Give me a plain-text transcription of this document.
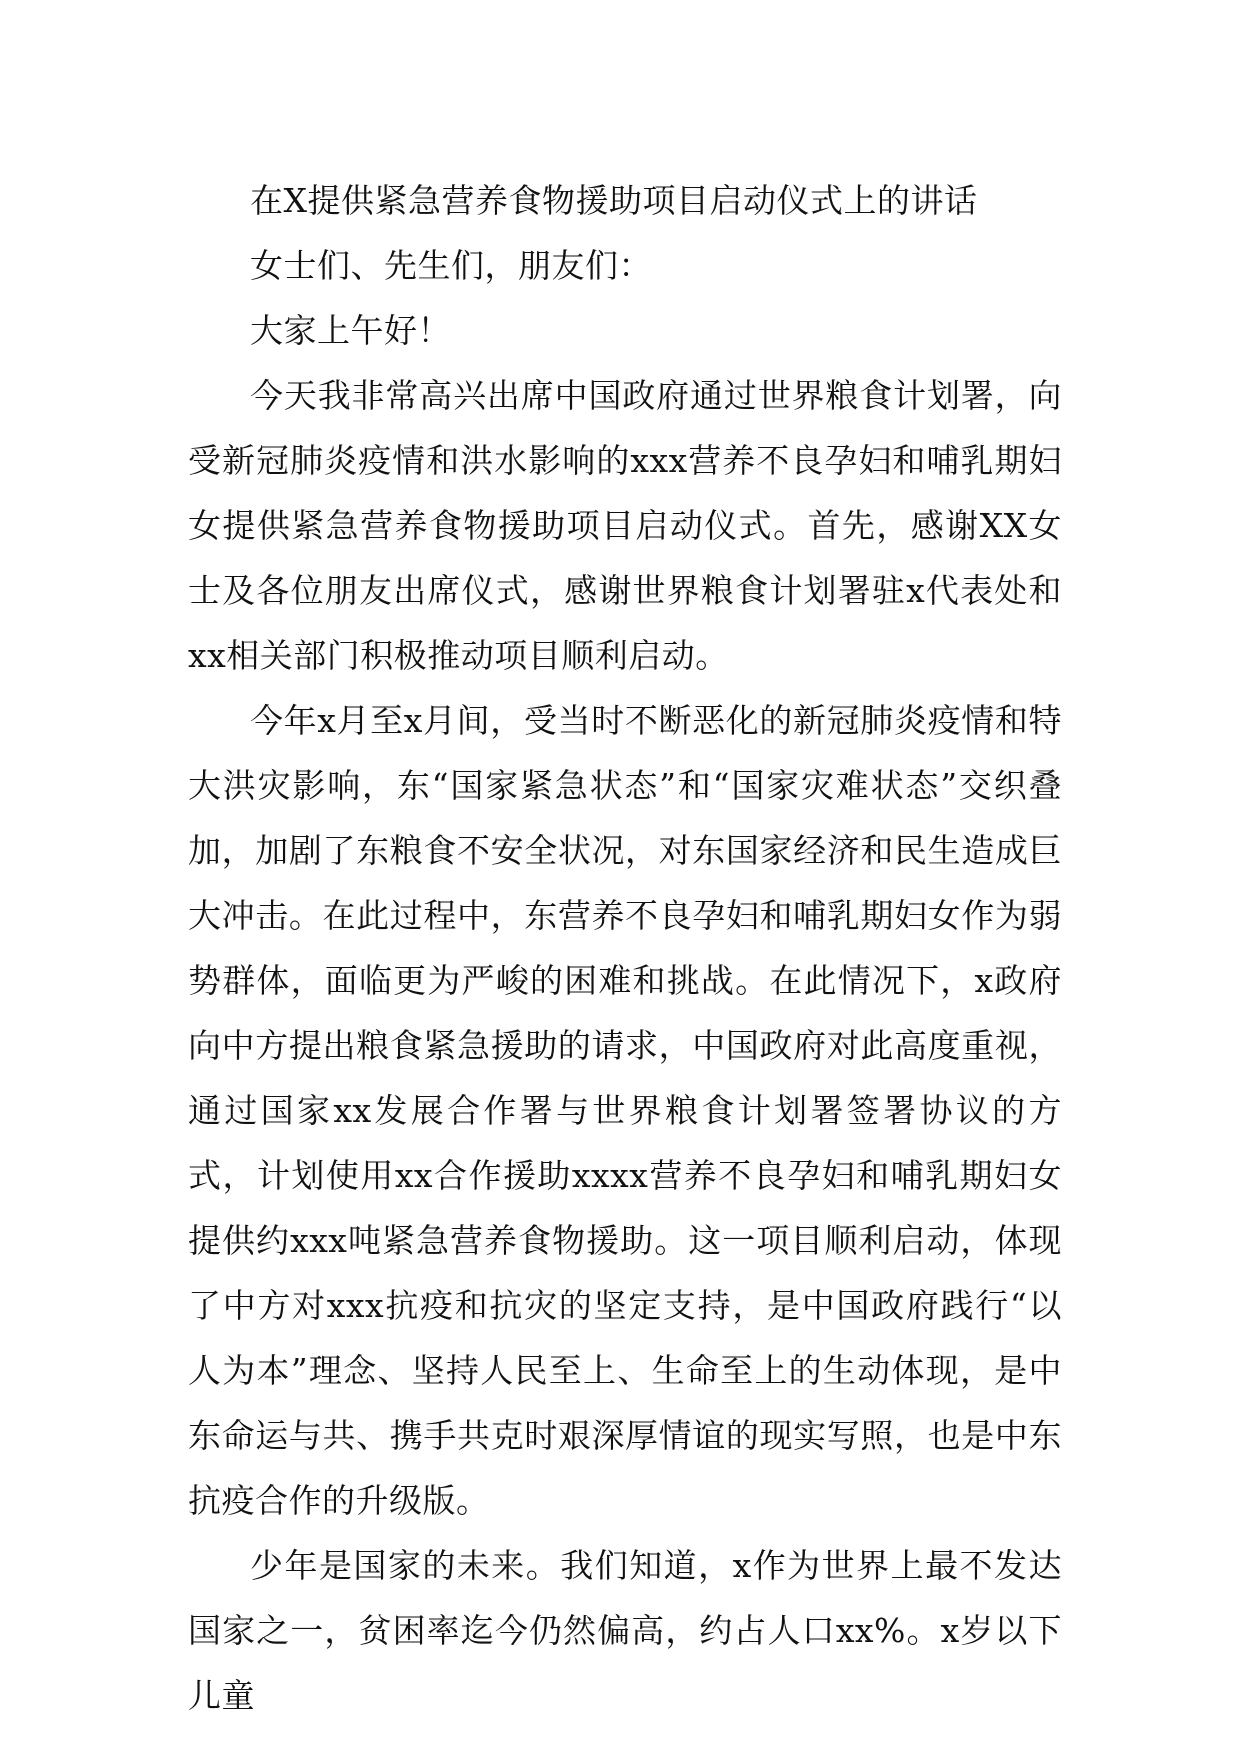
在X提供紧急营养食物援助项目启动仪式上的讲话

女士们、先生们，朋友们：

大家上午好！

今天我非常高兴出席中国政府通过世界粮食计划署，向受新冠肺炎疫情和洪水影响的xxx营养不良孕妇和哺乳期妇女提供紧急营养食物援助项目启动仪式。首先，感谢XX女士及各位朋友出席仪式，感谢世界粮食计划署驻x代表处和xx相关部门积极推动项目顺利启动。

今年x月至x月间，受当时不断恶化的新冠肺炎疫情和特大洪灾影响，东“国家紧急状态”和“国家灾难状态”交织叠加，加剧了东粮食不安全状况，对东国家经济和民生造成巨大冲击。在此过程中，东营养不良孕妇和哺乳期妇女作为弱势群体，面临更为严峻的困难和挑战。在此情况下，x政府向中方提出粮食紧急援助的请求，中国政府对此高度重视，通过国家xx发展合作署与世界粮食计划署签署协议的方式，计划使用xx合作援助xxxx营养不良孕妇和哺乳期妇女提供约xxx吨紧急营养食物援助。这一项目顺利启动，体现了中方对xxx抗疫和抗灾的坚定支持，是中国政府践行“以人为本”理念、坚持人民至上、生命至上的生动体现，是中东命运与共、携手共克时艰深厚情谊的现实写照，也是中东抗疫合作的升级版。

少年是国家的未来。我们知道，x作为世界上最不发达国家之一，贫困率迄今仍然偏高，约占人口xx%。x岁以下儿童
